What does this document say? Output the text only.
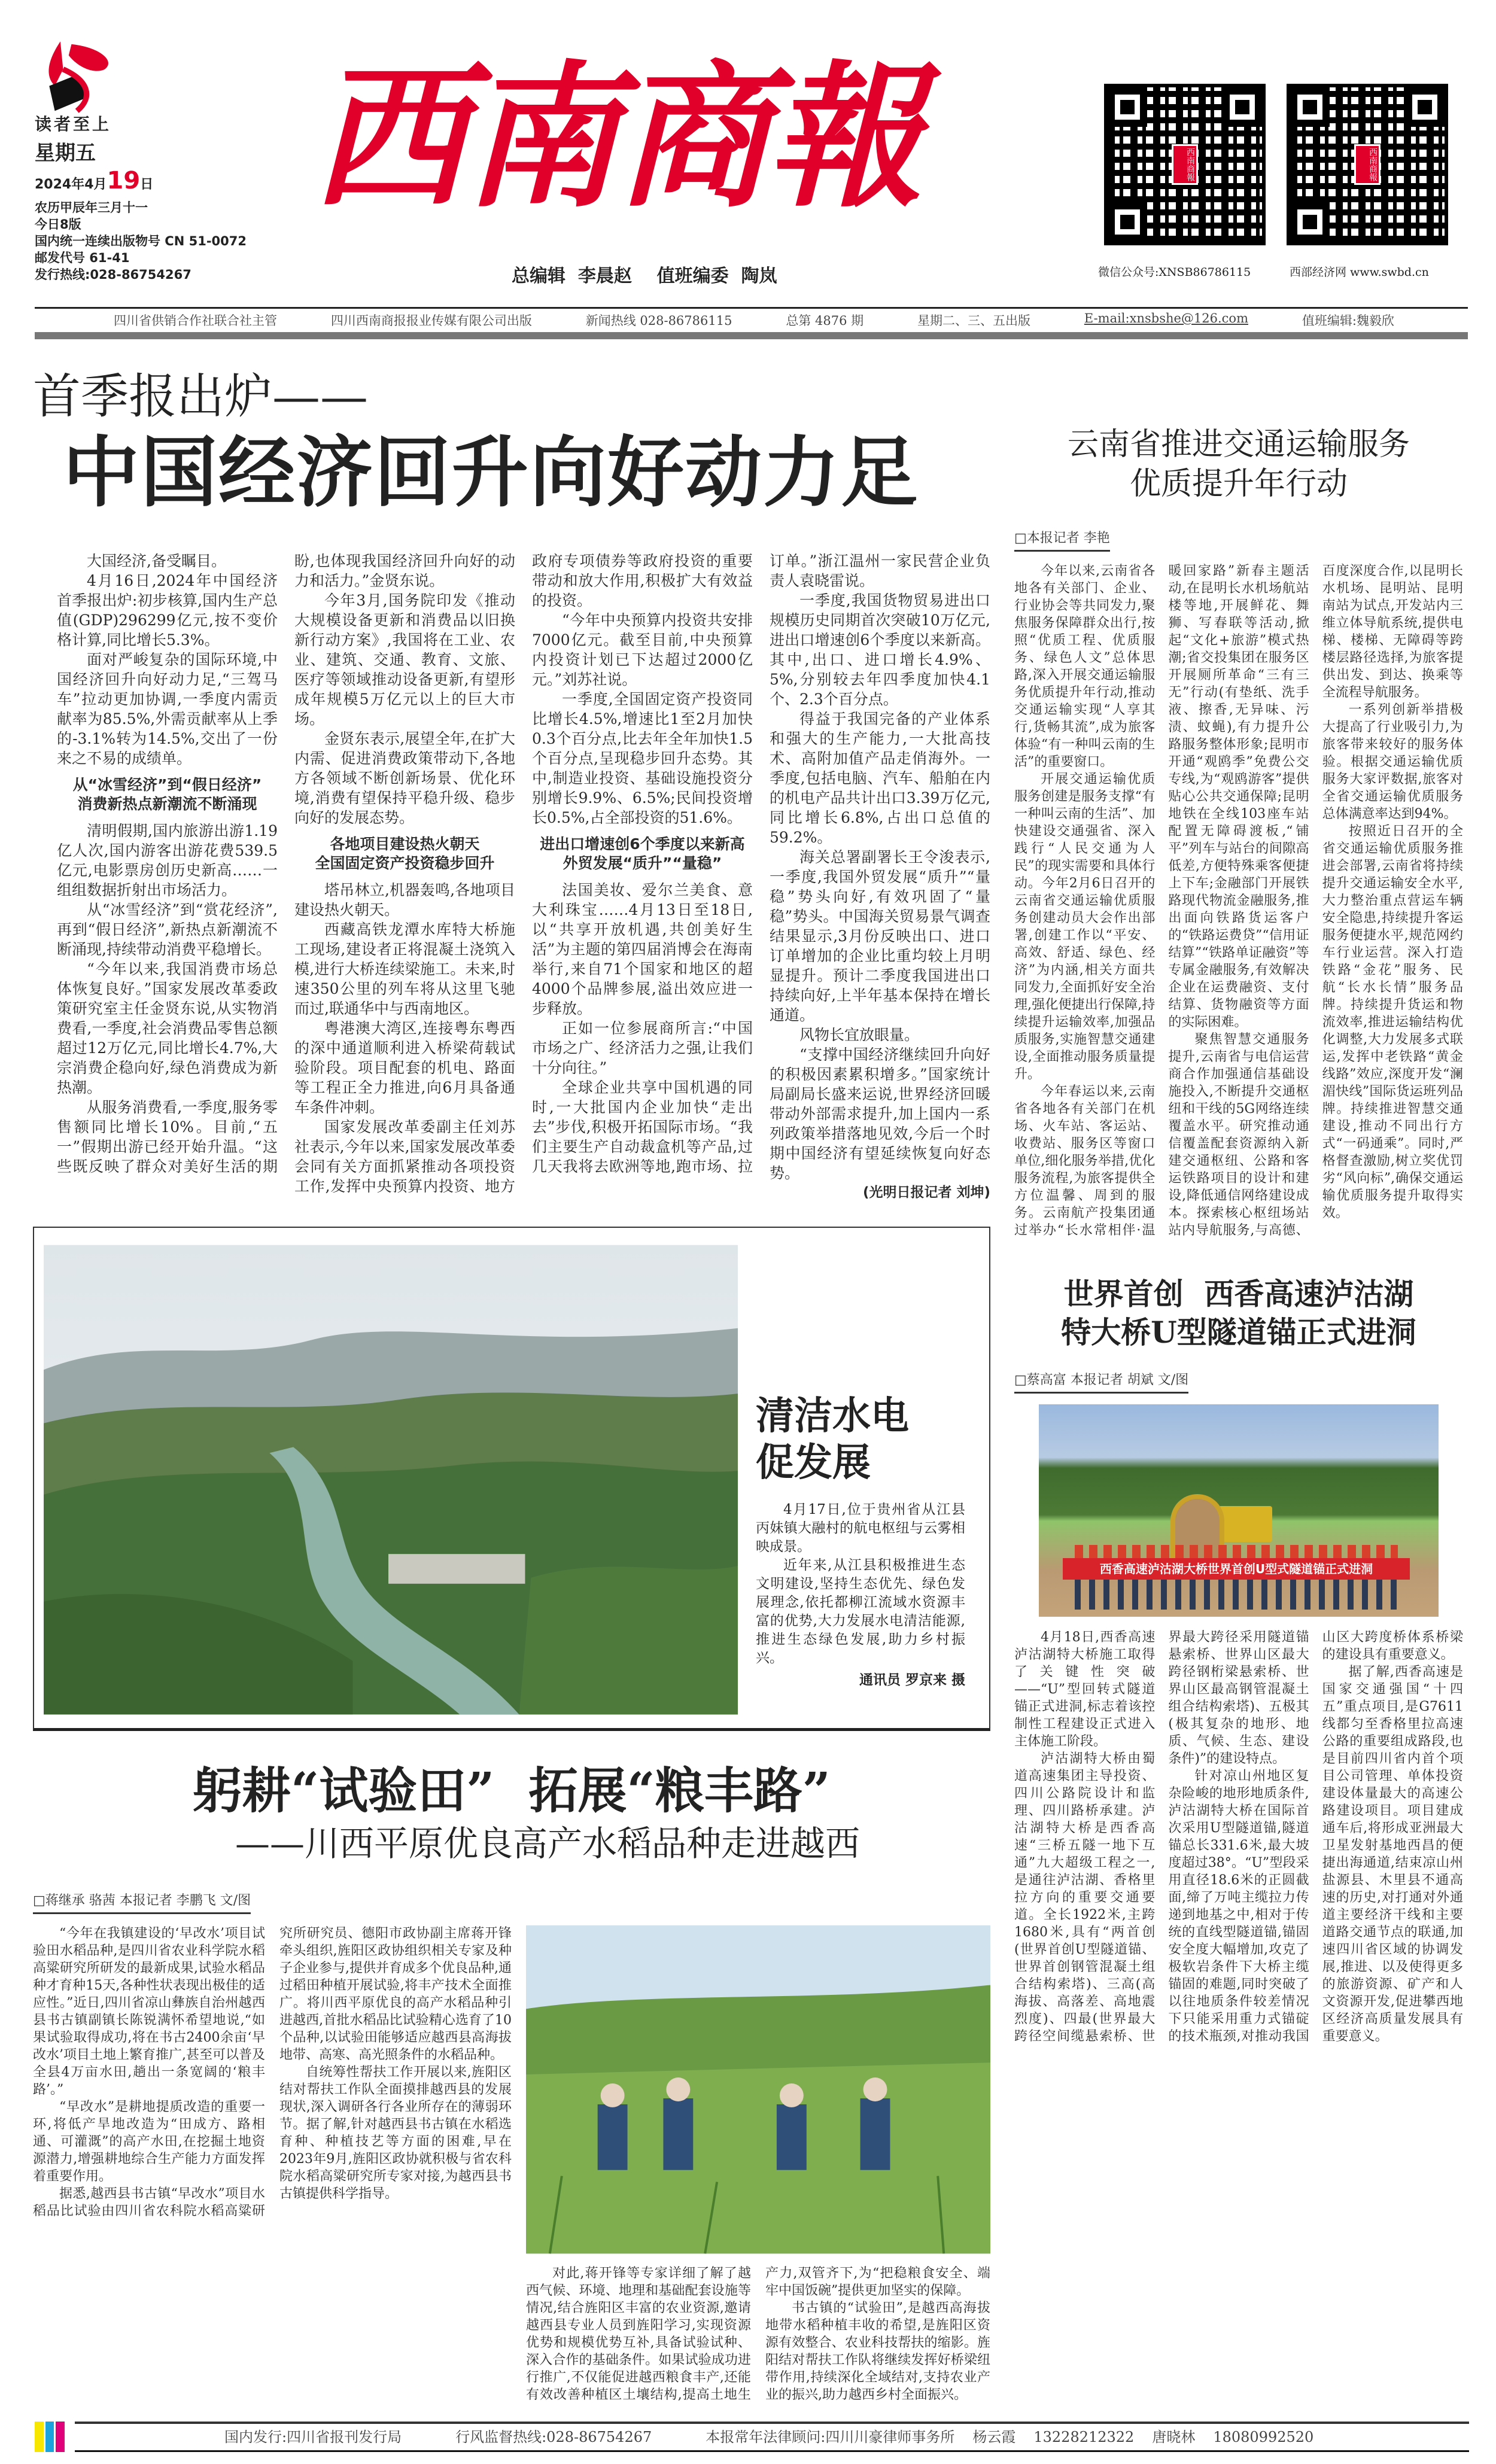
读者至上
星期五
2024年4月19日
农历甲辰年三月十一
今日8版
国内统一连续出版物号 CN 51-0072
邮发代号 61-41
发行热线:028-86754267
西南商報
总编辑  李晨赵    值班编委  陶岚
西南商報	西南商報
微信公众号:XNSB86786115	西部经济网 www.swbd.cn
四川省供销合作社联合社主管	四川西南商报报业传媒有限公司出版	新闻热线 028-86786115	总第 4876 期	星期二、三、五出版	E-mail:xnsbshe@126.com	值班编辑:魏毅欣
首季报出炉——
中国经济回升向好动力足

大国经济,备受瞩目。

4月16日,2024年中国经济首季报出炉:初步核算,国内生产总值(GDP)296299亿元,按不变价格计算,同比增长5.3%。

面对严峻复杂的国际环境,中国经济回升向好动力足,“三驾马车”拉动更加协调,一季度内需贡献率为85.5%,外需贡献率从上季的-3.1%转为14.5%,交出了一份来之不易的成绩单。

从“冰雪经济”到“假日经济”
消费新热点新潮流不断涌现

清明假期,国内旅游出游1.19亿人次,国内游客出游花费539.5亿元,电影票房创历史新高……一组组数据折射出市场活力。

从“冰雪经济”到“赏花经济”,再到“假日经济”,新热点新潮流不断涌现,持续带动消费平稳增长。

“今年以来,我国消费市场总体恢复良好。”国家发展改革委政策研究室主任金贤东说,从实物消费看,一季度,社会消费品零售总额超过12万亿元,同比增长4.7%,大宗消费企稳向好,绿色消费成为新热潮。

从服务消费看,一季度,服务零售额同比增长10%。目前,“五一”假期出游已经开始升温。“这些既反映了群众对美好生活的期盼,也体现我国经济回升向好的动力和活力。”金贤东说。

今年3月,国务院印发《推动大规模设备更新和消费品以旧换新行动方案》,我国将在工业、农业、建筑、交通、教育、文旅、医疗等领域推动设备更新,有望形成年规模5万亿元以上的巨大市场。

金贤东表示,展望全年,在扩大内需、促进消费政策带动下,各地方各领域不断创新场景、优化环境,消费有望保持平稳升级、稳步向好的发展态势。

各地项目建设热火朝天
全国固定资产投资稳步回升

塔吊林立,机器轰鸣,各地项目建设热火朝天。

西藏高铁龙潭水库特大桥施工现场,建设者正将混凝土浇筑入模,进行大桥连续梁施工。未来,时速350公里的列车将从这里飞驰而过,联通华中与西南地区。

粤港澳大湾区,连接粤东粤西的深中通道顺利进入桥梁荷载试验阶段。项目配套的机电、路面等工程正全力推进,向6月具备通车条件冲刺。

国家发展改革委副主任刘苏社表示,今年以来,国家发展改革委会同有关方面抓紧推动各项投资工作,发挥中央预算内投资、地方政府专项债券等政府投资的重要带动和放大作用,积极扩大有效益的投资。

“今年中央预算内投资共安排7000亿元。截至目前,中央预算内投资计划已下达超过2000亿元。”刘苏社说。

一季度,全国固定资产投资同比增长4.5%,增速比1至2月加快0.3个百分点,比去年全年加快1.5个百分点,呈现稳步回升态势。其中,制造业投资、基础设施投资分别增长9.9%、6.5%;民间投资增长0.5%,占全部投资的51.6%。

进出口增速创6个季度以来新高
外贸发展“质升”“量稳”

法国美妆、爱尔兰美食、意大利珠宝……4月13日至18日,以“共享开放机遇,共创美好生活”为主题的第四届消博会在海南举行,来自71个国家和地区的超4000个品牌参展,溢出效应进一步释放。

正如一位参展商所言:“中国市场之广、经济活力之强,让我们十分向往。”

全球企业共享中国机遇的同时,一大批国内企业加快“走出去”步伐,积极开拓国际市场。“我们主要生产自动裁盒机等产品,过几天我将去欧洲等地,跑市场、拉订单。”浙江温州一家民营企业负责人袁晓雷说。

一季度,我国货物贸易进出口规模历史同期首次突破10万亿元,进出口增速创6个季度以来新高。其中,出口、进口增长4.9%、5%,分别较去年四季度加快4.1个、2.3个百分点。

得益于我国完备的产业体系和强大的生产能力,一大批高技术、高附加值产品走俏海外。一季度,包括电脑、汽车、船舶在内的机电产品共计出口3.39万亿元,同比增长6.8%,占出口总值的59.2%。

海关总署副署长王令浚表示,一季度,我国外贸发展“质升”“量稳”势头向好,有效巩固了“量稳”势头。中国海关贸易景气调查结果显示,3月份反映出口、进口订单增加的企业比重均较上月明显提升。预计二季度我国进出口持续向好,上半年基本保持在增长通道。

风物长宜放眼量。

“支撑中国经济继续回升向好的积极因素累积增多。”国家统计局副局长盛来运说,世界经济回暖带动外部需求提升,加上国内一系列政策举措落地见效,今后一个时期中国经济有望延续恢复向好态势。

(光明日报记者 刘坤)
清洁水电
促发展

4月17日,位于贵州省从江县丙妹镇大融村的航电枢纽与云雾相映成景。

近年来,从江县积极推进生态文明建设,坚持生态优先、绿色发展理念,依托都柳江流域水资源丰富的优势,大力发展水电清洁能源,推进生态绿色发展,助力乡村振兴。

通讯员 罗京来 摄
躬耕“试验田”  拓展“粮丰路”
——川西平原优良高产水稻品种走进越西
□蒋继承 骆茜 本报记者 李鹏飞 文/图

“今年在我镇建设的‘早改水’项目试验田水稻品种,是四川省农业科学院水稻高粱研究所研发的最新成果,试验水稻品种才育种15天,各种性状表现出极佳的适应性。”近日,四川省凉山彝族自治州越西县书古镇副镇长陈锐满怀希望地说,“如果试验取得成功,将在书古2400余亩‘早改水’项目土地上繁育推广,甚至可以普及全县4万亩水田,趟出一条宽阔的‘粮丰路’。”

“早改水”是耕地提质改造的重要一环,将低产旱地改造为“田成方、路相通、可灌溉”的高产水田,在挖掘土地资源潜力,增强耕地综合生产能力方面发挥着重要作用。

据悉,越西县书古镇“早改水”项目水稻品比试验由四川省农科院水稻高粱研究所研究员、德阳市政协副主席蒋开锋牵头组织,旌阳区政协组织相关专家及种子企业参与,提供并育成多个优良品种,通过稻田种植开展试验,将丰产技术全面推广。将川西平原优良的高产水稻品种引进越西,首批水稻品比试验精心选育了10个品种,以试验田能够适应越西县高海拔地带、高寒、高光照条件的水稻品种。

自统筹性帮扶工作开展以来,旌阳区结对帮扶工作队全面摸排越西县的发展现状,深入调研各行各业所存在的薄弱环节。据了解,针对越西县书古镇在水稻选育种、种植技艺等方面的困难,早在2023年9月,旌阳区政协就积极与省农科院水稻高粱研究所专家对接,为越西县书古镇提供科学指导。

对此,蒋开锋等专家详细了解了越西气候、环境、地理和基础配套设施等情况,结合旌阳区丰富的农业资源,邀请越西县专业人员到旌阳学习,实现资源优势和规模优势互补,具备试验试种、深入合作的基础条件。如果试验成功进行推广,不仅能促进越西粮食丰产,还能有效改善种植区土壤结构,提高土地生产力,双管齐下,为“把稳粮食安全、端牢中国饭碗”提供更加坚实的保障。

书古镇的“试验田”,是越西高海拔地带水稻种植丰收的希望,是旌阳区资源有效整合、农业科技帮扶的缩影。旌阳结对帮扶工作队将继续发挥好桥梁纽带作用,持续深化全域结对,支持农业产业的振兴,助力越西乡村全面振兴。

云南省推进交通运输服务
优质提升年行动
□本报记者 李艳

今年以来,云南省各地各有关部门、企业、行业协会等共同发力,聚焦服务保障群众出行,按照“优质工程、优质服务、绿色人文”总体思路,深入开展交通运输服务优质提升年行动,推动交通运输实现“人享其行,货畅其流”,成为旅客体验“有一种叫云南的生活”的重要窗口。

开展交通运输优质服务创建是服务支撑“有一种叫云南的生活”、加快建设交通强省、深入践行“人民交通为人民”的现实需要和具体行动。今年2月6日召开的云南省交通运输优质服务创建动员大会作出部署,创建工作以“平安、高效、舒适、绿色、经济”为内涵,相关方面共同发力,全面抓好安全治理,强化便捷出行保障,持续提升运输效率,加强品质服务,实施智慧交通建设,全面推动服务质量提升。

今年春运以来,云南省各地各有关部门在机场、火车站、客运站、收费站、服务区等窗口单位,细化服务举措,优化服务流程,为旅客提供全方位温馨、周到的服务。云南航产投集团通过举办“长水常相伴·温暖回家路”新春主题活动,在昆明长水机场航站楼等地,开展鲜花、舞狮、写春联等活动,掀起“文化+旅游”模式热潮;省交投集团在服务区开展厕所革命“三有三无”行动(有垫纸、洗手液、擦香,无异味、污渍、蚊蝇),有力提升公路服务整体形象;昆明市开通“观鸥季”免费公交专线,为“观鸥游客”提供贴心公共交通保障;昆明地铁在全线103座车站配置无障碍渡板,“铺平”列车与站台的间隙高低差,方便特殊乘客便捷上下车;金融部门开展铁路现代物流金融服务,推出面向铁路货运客户的“铁路运费贷”“信用证结算”“铁路单证融资”等专属金融服务,有效解决企业在运费融资、支付结算、货物融资等方面的实际困难。

聚焦智慧交通服务提升,云南省与电信运营商合作加强通信基础设施投入,不断提升交通枢纽和干线的5G网络连续覆盖水平。研究推动通信覆盖配套资源纳入新建交通枢纽、公路和客运铁路项目的设计和建设,降低通信网络建设成本。探索核心枢纽场站站内导航服务,与高德、百度深度合作,以昆明长水机场、昆明站、昆明南站为试点,开发站内三维立体导航系统,提供电梯、楼梯、无障碍等跨楼层路径选择,为旅客提供出发、到达、换乘等全流程导航服务。

一系列创新举措极大提高了行业吸引力,为旅客带来较好的服务体验。根据交通运输优质服务大家评数据,旅客对全省交通运输优质服务总体满意率达到94%。

按照近日召开的全省交通运输优质服务推进会部署,云南省将持续提升交通运输安全水平,大力整治重点营运车辆安全隐患,持续提升客运服务便捷水平,规范网约车行业运营。深入打造铁路“金花”服务、民航“长水长情”服务品牌。持续提升货运和物流效率,推进运输结构优化调整,大力发展多式联运,发挥中老铁路“黄金线路”效应,深度开发“澜湄快线”国际货运班列品牌。持续推进智慧交通建设,推动不同出行方式“一码通乘”。同时,严格督查激励,树立奖优罚劣“风向标”,确保交通运输优质服务提升取得实效。

世界首创  西香高速泸沽湖
特大桥U型隧道锚正式进洞
□蔡高富 本报记者 胡斌 文/图
西香高速泸沽湖大桥世界首创U型式隧道锚正式进洞

4月18日,西香高速泸沽湖特大桥施工取得了关键性突破——“U”型回转式隧道锚正式进洞,标志着该控制性工程建设正式进入主体施工阶段。

泸沽湖特大桥由蜀道高速集团主导投资、四川公路院设计和监理、四川路桥承建。泸沽湖特大桥是西香高速“三桥五隧一地下互通”九大超级工程之一,是通往泸沽湖、香格里拉方向的重要交通要道。全长1922米,主跨1680米,具有“两首创(世界首创U型隧道锚、世界首创钢管混凝土组合结构索塔)、三高(高海拔、高落差、高地震烈度)、四最(世界最大跨径空间缆悬索桥、世界最大跨径采用隧道锚悬索桥、世界山区最大跨径钢桁梁悬索桥、世界山区最高钢管混凝土组合结构索塔)、五极其(极其复杂的地形、地质、气候、生态、建设条件)”的建设特点。

针对凉山州地区复杂险峻的地形地质条件,泸沽湖特大桥在国际首次采用U型隧道锚,隧道锚总长331.6米,最大坡度超过38°。“U”型段采用直径18.6米的正圆截面,缔了万吨主缆拉力传递到地基之中,相对于传统的直线型隧道锚,锚固安全度大幅增加,攻克了极软岩条件下大桥主缆锚固的难题,同时突破了以往地质条件较差情况下只能采用重力式锚碇的技术瓶颈,对推动我国山区大跨度桥体系桥梁的建设具有重要意义。

据了解,西香高速是国家交通强国“十四五”重点项目,是G7611线都匀至香格里拉高速公路的重要组成路段,也是目前四川省内首个项目公司管理、单体投资建设体量最大的高速公路建设项目。项目建成通车后,将形成亚洲最大卫星发射基地西昌的便捷出海通道,结束凉山州盐源县、木里县不通高速的历史,对打通对外通道主要经济干线和主要道路交通节点的联通,加速四川省区域的协调发展,推进、以及使得更多的旅游资源、矿产和人文资源开发,促进攀西地区经济高质量发展具有重要意义。

国内发行:四川省报刊发行局	行风监督热线:028-86754267	本报常年法律顾问:四川川豪律师事务所 杨云霞 13228212322 唐晓林 18080992520
